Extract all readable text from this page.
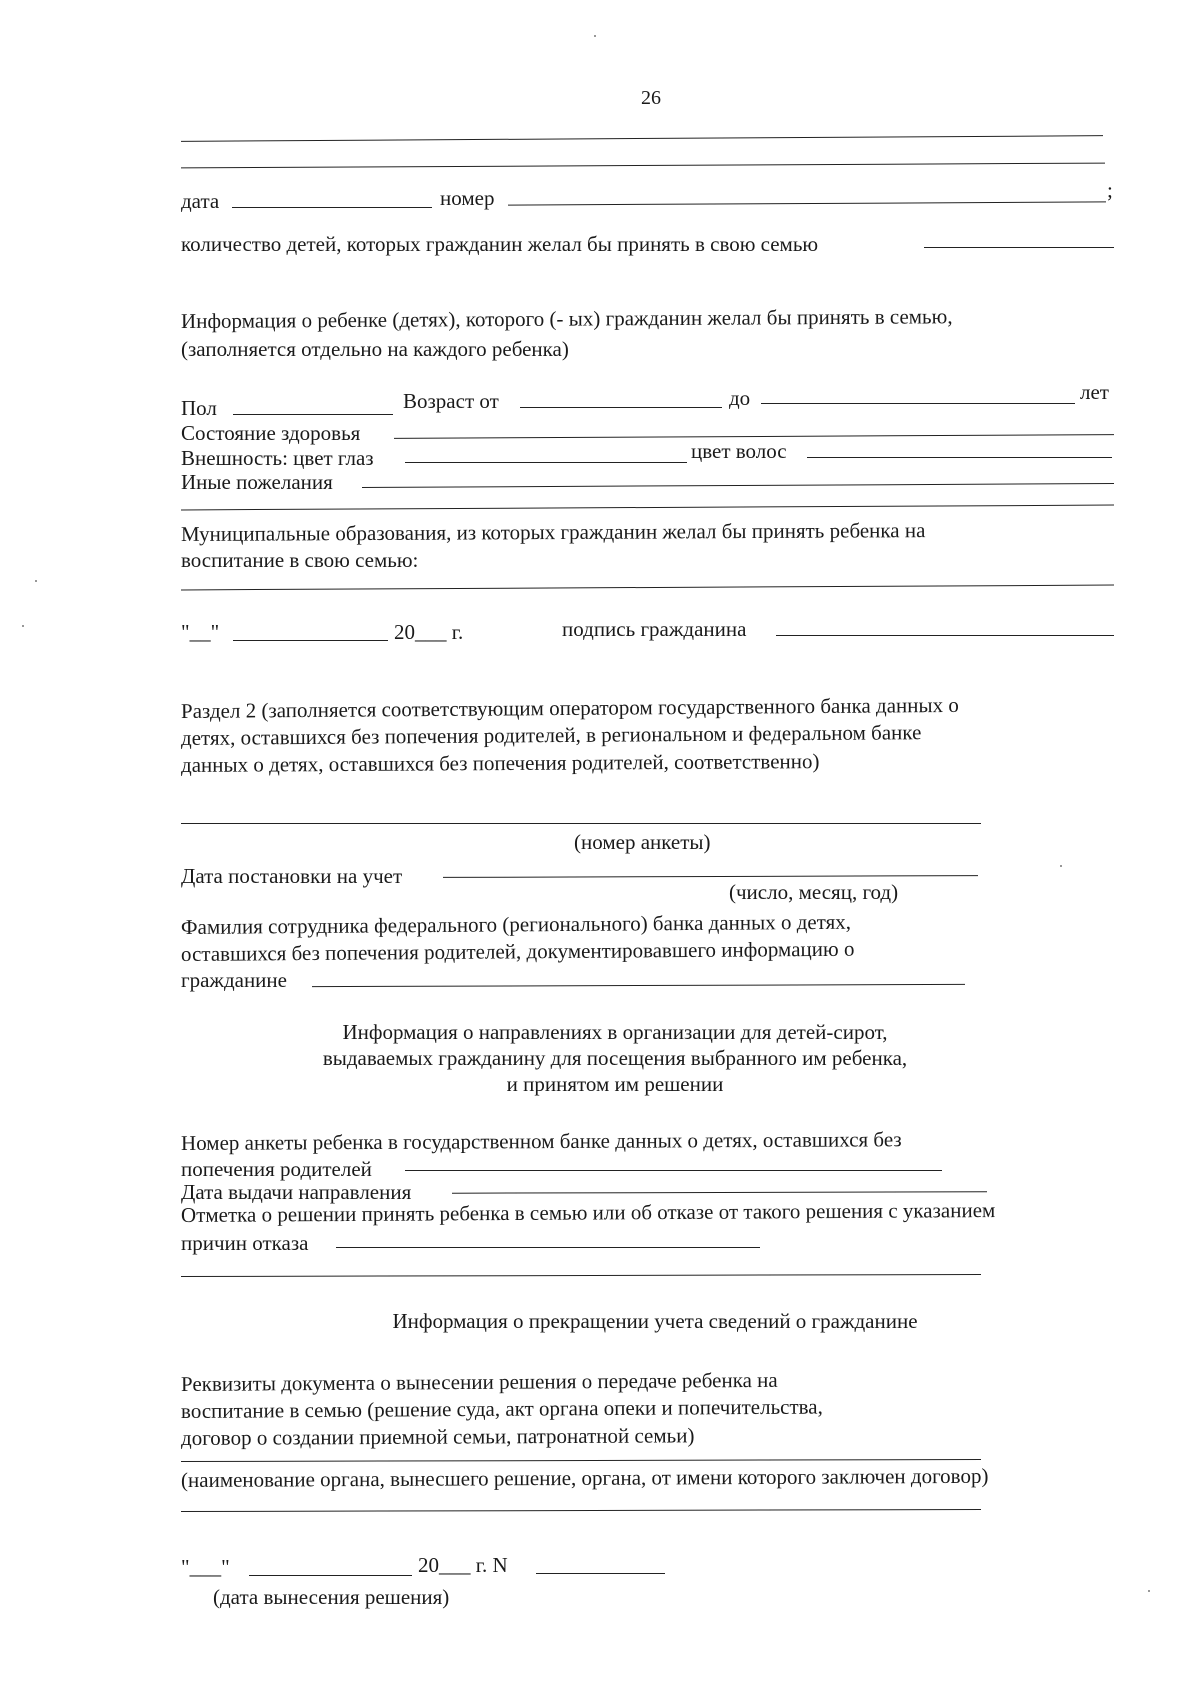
26
дата	номер	;
количество детей, которых гражданин желал бы принять в свою семью
Информация о ребенке (детях), которого (- ых) гражданин желал бы принять в семью,
(заполняется отдельно на каждого ребенка)
Пол	Возраст от	до	лет
Состояние здоровья
Внешность: цвет глаз	цвет волос
Иные пожелания
Муниципальные образования, из которых гражданин желал бы принять ребенка на
воспитание в свою семью:
"__"	20___ г.	подпись гражданина
Раздел 2 (заполняется соответствующим оператором государственного банка данных о
детях, оставшихся без попечения родителей, в региональном и федеральном банке
данных о детях, оставшихся без попечения родителей, соответственно)
(номер анкеты)
Дата постановки на учет
(число, месяц, год)
Фамилия сотрудника федерального (регионального) банка данных о детях,
оставшихся без попечения родителей, документировавшего информацию о
гражданине
Информация о направлениях в организации для детей-сирот,
выдаваемых гражданину для посещения выбранного им ребенка,
и принятом им решении
Номер анкеты ребенка в государственном банке данных о детях, оставшихся без
попечения родителей
Дата выдачи направления
Отметка о решении принять ребенка в семью или об отказе от такого решения с указанием
причин отказа
Информация о прекращении учета сведений о гражданине
Реквизиты документа о вынесении решения о передаче ребенка на
воспитание в семью (решение суда, акт органа опеки и попечительства,
договор о создании приемной семьи, патронатной семьи)
(наименование органа, вынесшего решение, органа, от имени которого заключен договор)
"___"	20___ г. N
(дата вынесения решения)
